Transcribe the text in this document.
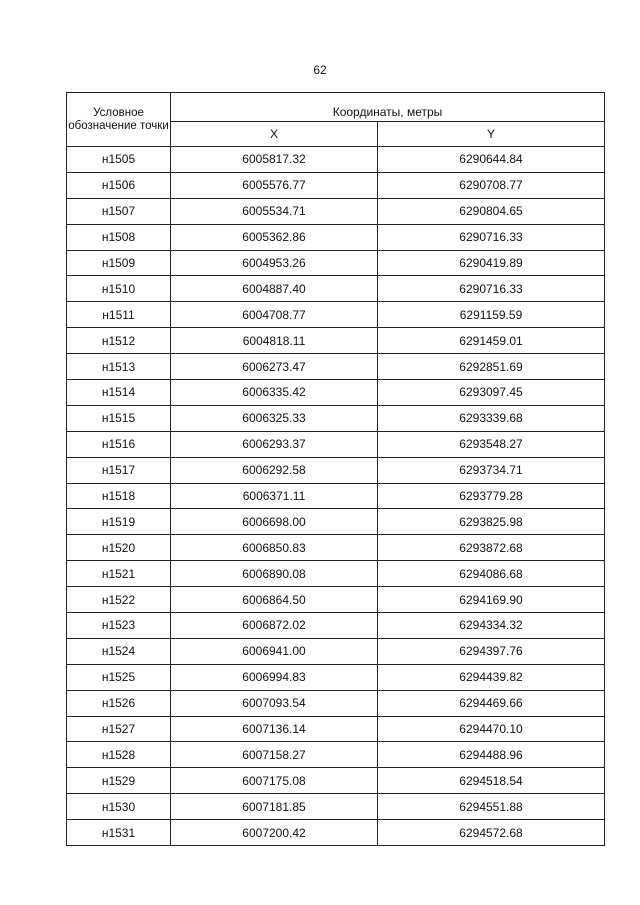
62
Условное обозначение точки	Координаты, метры	
	X	Y
н1505	6005817.32	6290644.84
н1506	6005576.77	6290708.77
н1507	6005534.71	6290804.65
н1508	6005362.86	6290716.33
н1509	6004953.26	6290419.89
н1510	6004887.40	6290716.33
н1511	6004708.77	6291159.59
н1512	6004818.11	6291459.01
н1513	6006273.47	6292851.69
н1514	6006335.42	6293097.45
н1515	6006325.33	6293339.68
н1516	6006293.37	6293548.27
н1517	6006292.58	6293734.71
н1518	6006371.11	6293779.28
н1519	6006698.00	6293825.98
н1520	6006850.83	6293872.68
н1521	6006890.08	6294086.68
н1522	6006864.50	6294169.90
н1523	6006872.02	6294334.32
н1524	6006941.00	6294397.76
н1525	6006994.83	6294439.82
н1526	6007093.54	6294469.66
н1527	6007136.14	6294470.10
н1528	6007158.27	6294488.96
н1529	6007175.08	6294518.54
н1530	6007181.85	6294551.88
н1531	6007200.42	6294572.68
